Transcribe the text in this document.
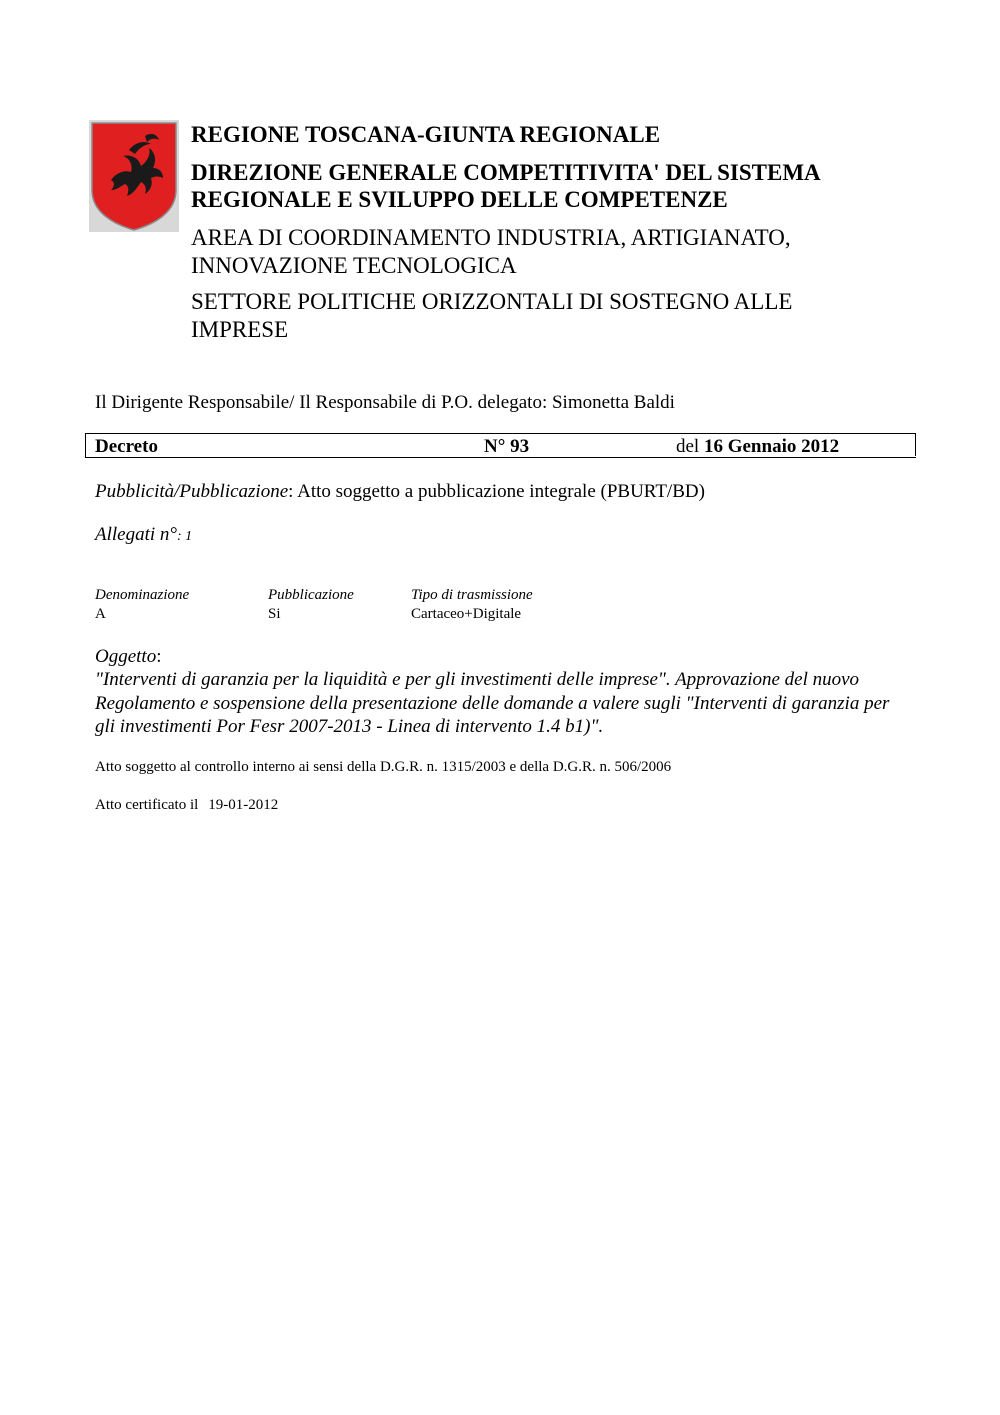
REGIONE TOSCANA-GIUNTA REGIONALE
DIREZIONE GENERALE COMPETITIVITA' DEL SISTEMA
REGIONALE E SVILUPPO DELLE COMPETENZE
AREA DI COORDINAMENTO INDUSTRIA, ARTIGIANATO,
INNOVAZIONE TECNOLOGICA
SETTORE POLITICHE ORIZZONTALI DI SOSTEGNO ALLE
IMPRESE
Il Dirigente Responsabile/ Il Responsabile di P.O. delegato: Simonetta Baldi
Decreto	N° 93	del 16 Gennaio 2012
Pubblicità/Pubblicazione: Atto soggetto a pubblicazione integrale (PBURT/BD)
Allegati n°: 1
Denominazione	Pubblicazione	Tipo di trasmissione
A	Si	Cartaceo+Digitale
Oggetto:
"Interventi di garanzia per la liquidità e per gli investimenti delle imprese". Approvazione del nuovo Regolamento e sospensione della presentazione delle domande a valere sugli "Interventi di garanzia per gli investimenti Por Fesr 2007-2013 - Linea di intervento 1.4 b1)".
Atto soggetto al controllo interno ai sensi della D.G.R. n. 1315/2003 e della D.G.R. n. 506/2006
Atto certificato il 19-01-2012
